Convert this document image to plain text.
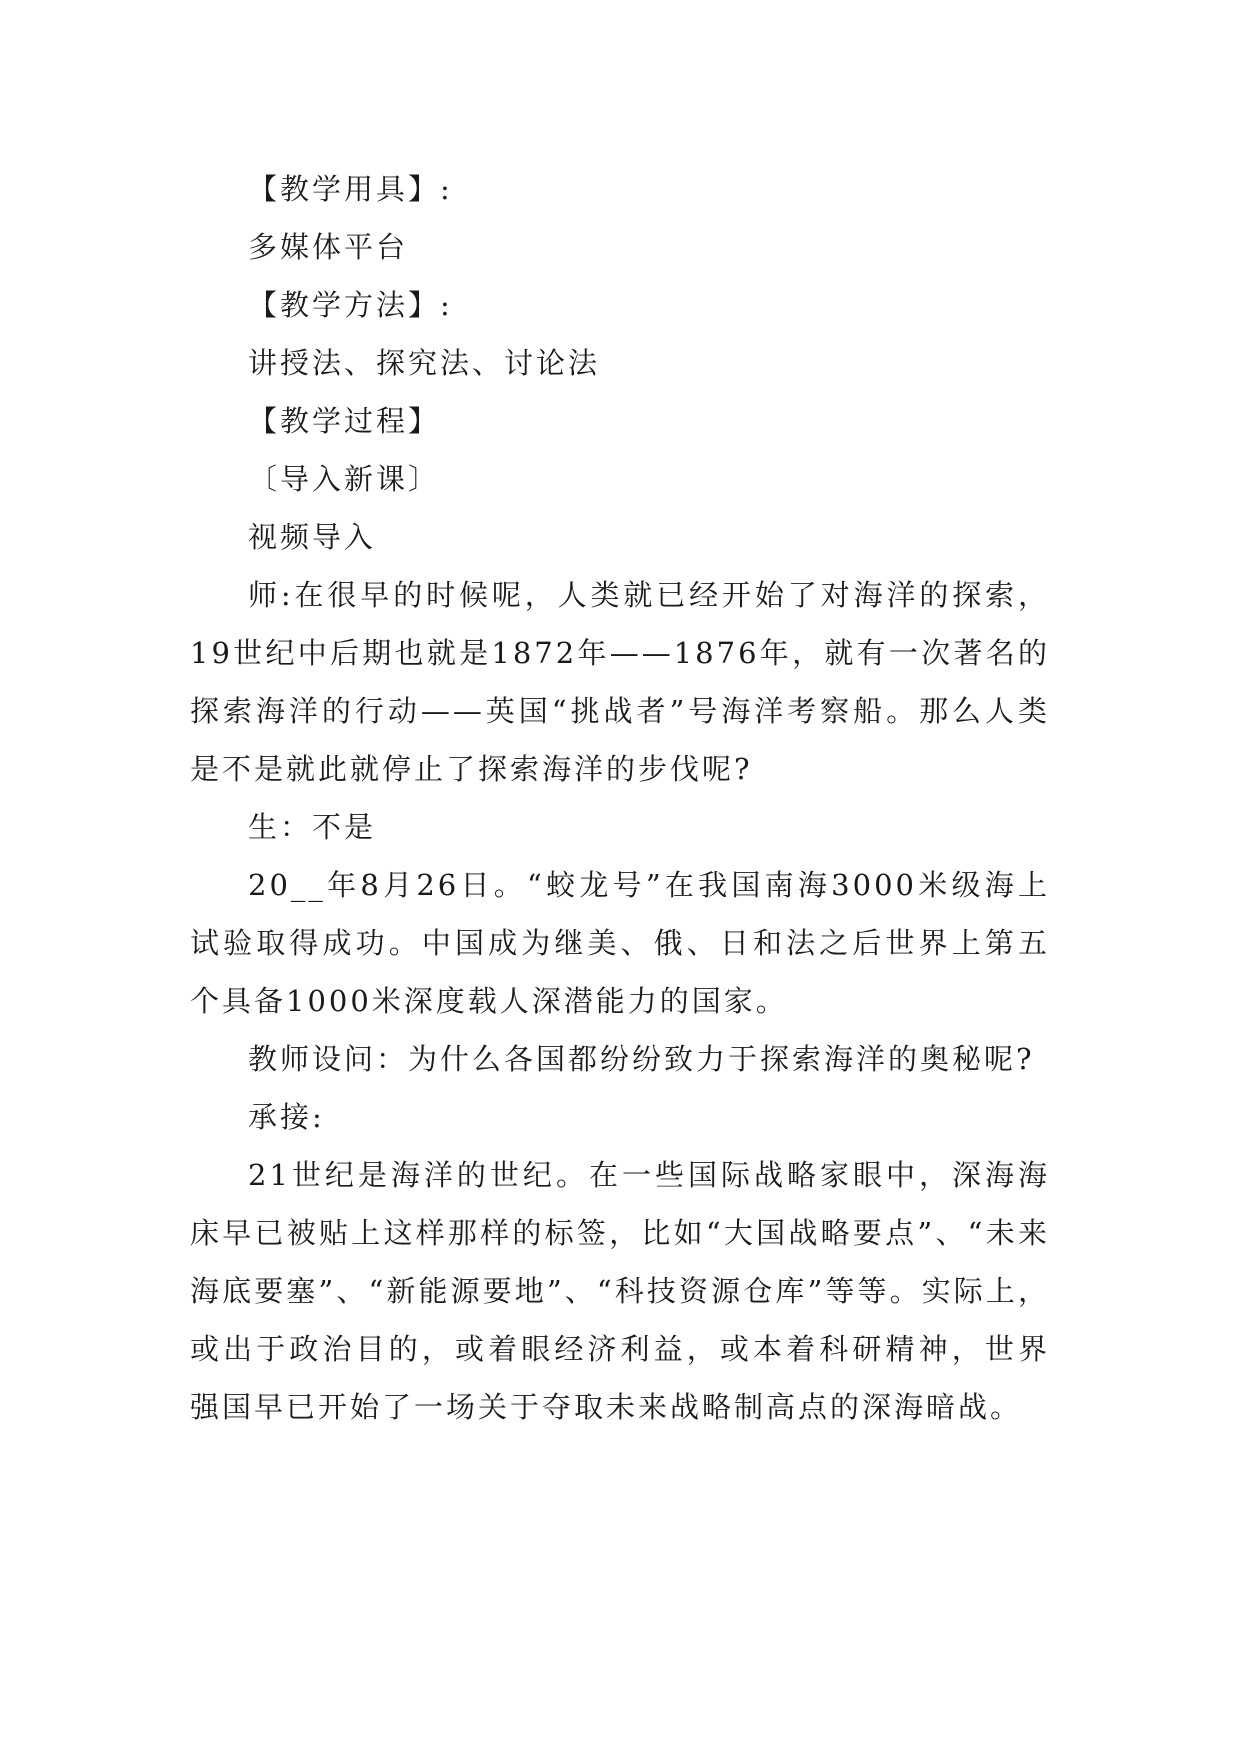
【教学用具】:

多媒体平台

【教学方法】:

讲授法、探究法、讨论法

【教学过程】

〔导入新课〕

视频导入

师:在很早的时候呢，人类就已经开始了对海洋的探索，19世纪中后期也就是1872年——1876年，就有一次著名的探索海洋的行动——英国“挑战者”号海洋考察船。那么人类是不是就此就停止了探索海洋的步伐呢?

生：不是

20__年8月26日。“蛟龙号”在我国南海3000米级海上试验取得成功。中国成为继美、俄、日和法之后世界上第五个具备1000米深度载人深潜能力的国家。

教师设问：为什么各国都纷纷致力于探索海洋的奥秘呢?

承接:

21世纪是海洋的世纪。在一些国际战略家眼中，深海海床早已被贴上这样那样的标签，比如“大国战略要点”、“未来海底要塞”、“新能源要地”、“科技资源仓库”等等。实际上，或出于政治目的，或着眼经济利益，或本着科研精神，世界强国早已开始了一场关于夺取未来战略制高点的深海暗战。
